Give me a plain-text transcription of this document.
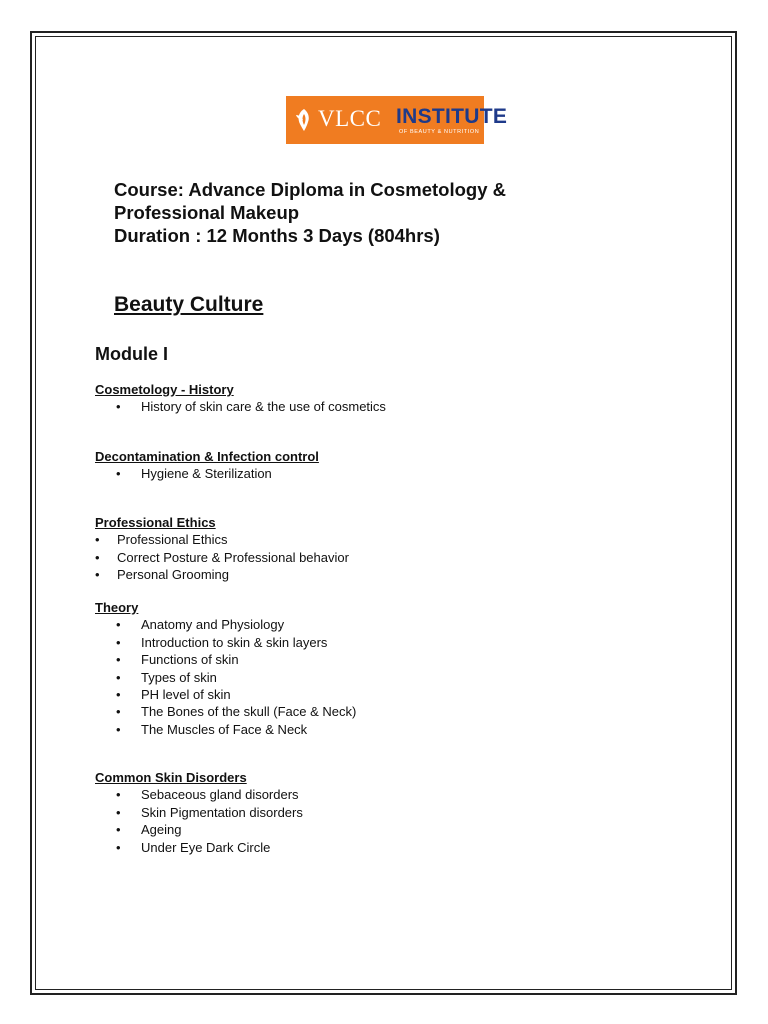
VLCC INSTITUTE
OF BEAUTY & NUTRITION
Course: Advance Diploma in Cosmetology &
Professional Makeup
Duration : 12 Months 3 Days (804hrs)
Beauty Culture
Module I
Cosmetology - History
• History of skin care & the use of cosmetics
Decontamination & Infection control
• Hygiene & Sterilization
Professional Ethics
• Professional Ethics
• Correct Posture & Professional behavior
• Personal Grooming
Theory
• Anatomy and Physiology
• Introduction to skin & skin layers
• Functions of skin
• Types of skin
• PH level of skin
• The Bones of the skull (Face & Neck)
• The Muscles of Face & Neck
Common Skin Disorders
• Sebaceous gland disorders
• Skin Pigmentation disorders
• Ageing
• Under Eye Dark Circle
